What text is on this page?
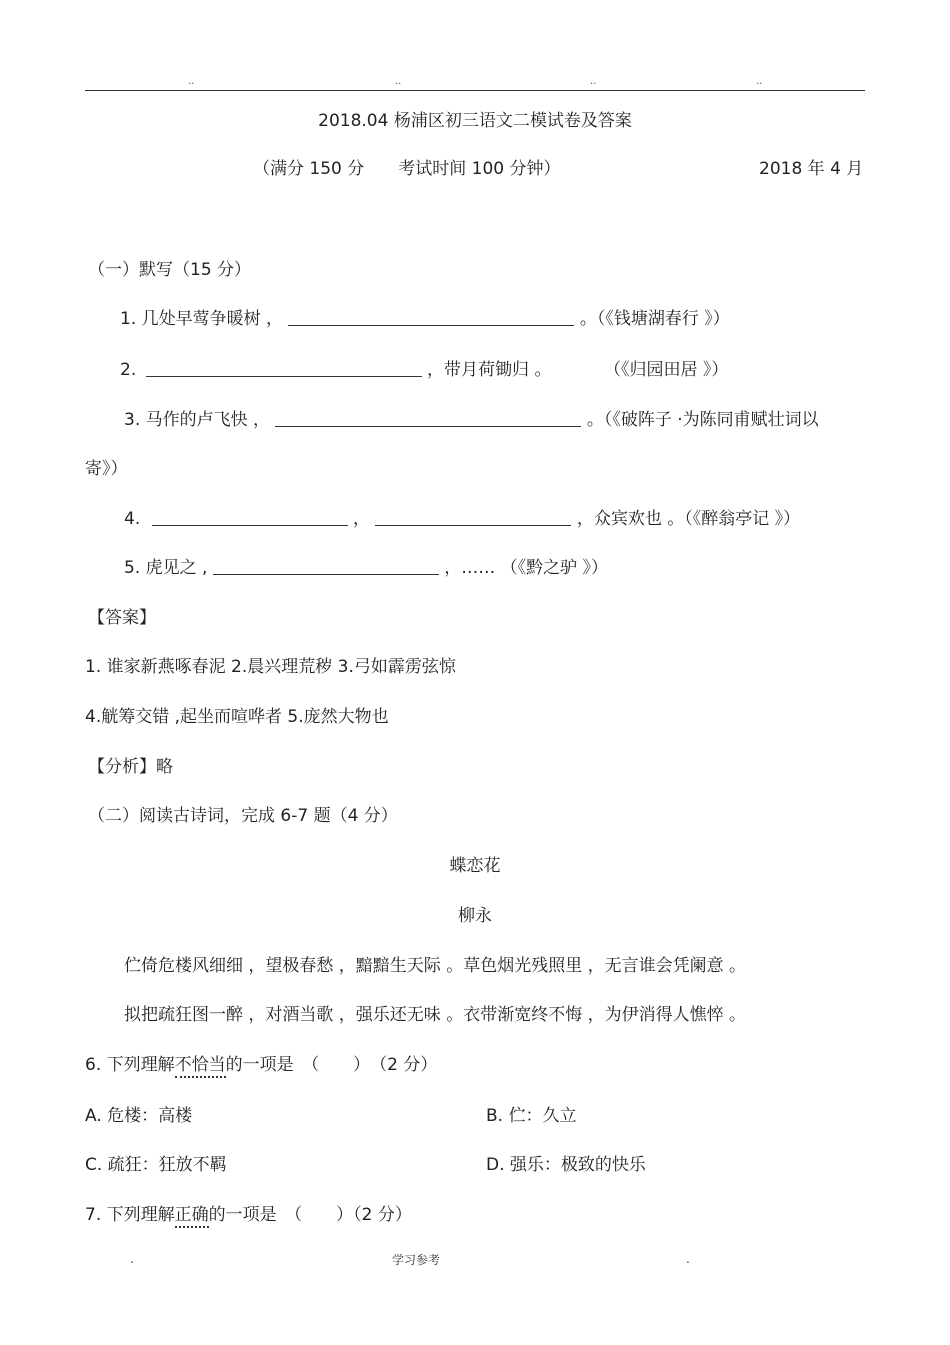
..	..	..	..
2018.04 杨浦区初三语文二模试卷及答案
（满分 150 分　　考试时间 100 分钟）	2018 年 4 月
（一）默写（15 分）
1. 几处早莺争暖树 ，	。（《钱塘湖春行 》）
2.	，带月荷锄归 。	（《归园田居 》）
3. 马作的卢飞快 ，	。（《破阵子 ·为陈同甫赋壮词以
寄》）
4.	，	，众宾欢也 。（《醉翁亭记 》）
5. 虎见之 ,	，…… （《黔之驴 》）
【答案】
1. 谁家新燕啄春泥 2.晨兴理荒秽 3.弓如霹雳弦惊
4.觥筹交错 ,起坐而喧哗者 5.庞然大物也
【分析】略
（二）阅读古诗词，完成 6-7 题（4 分）
蝶恋花
柳永
伫倚危楼风细细 ，望极春愁 ，黯黯生天际 。草色烟光残照里 ，无言谁会凭阑意 。
拟把疏狂图一醉 ，对酒当歌 ，强乐还无味 。衣带渐宽终不悔 ，为伊消得人憔悴 。
6. 下列理解不恰当的一项是　（　　）　（2 分）
A. 危楼：高楼	B. 伫：久立
C. 疏狂：狂放不羁	D. 强乐：极致的快乐
7. 下列理解正确的一项是　（　　）（2 分）
.	学习参考	.
